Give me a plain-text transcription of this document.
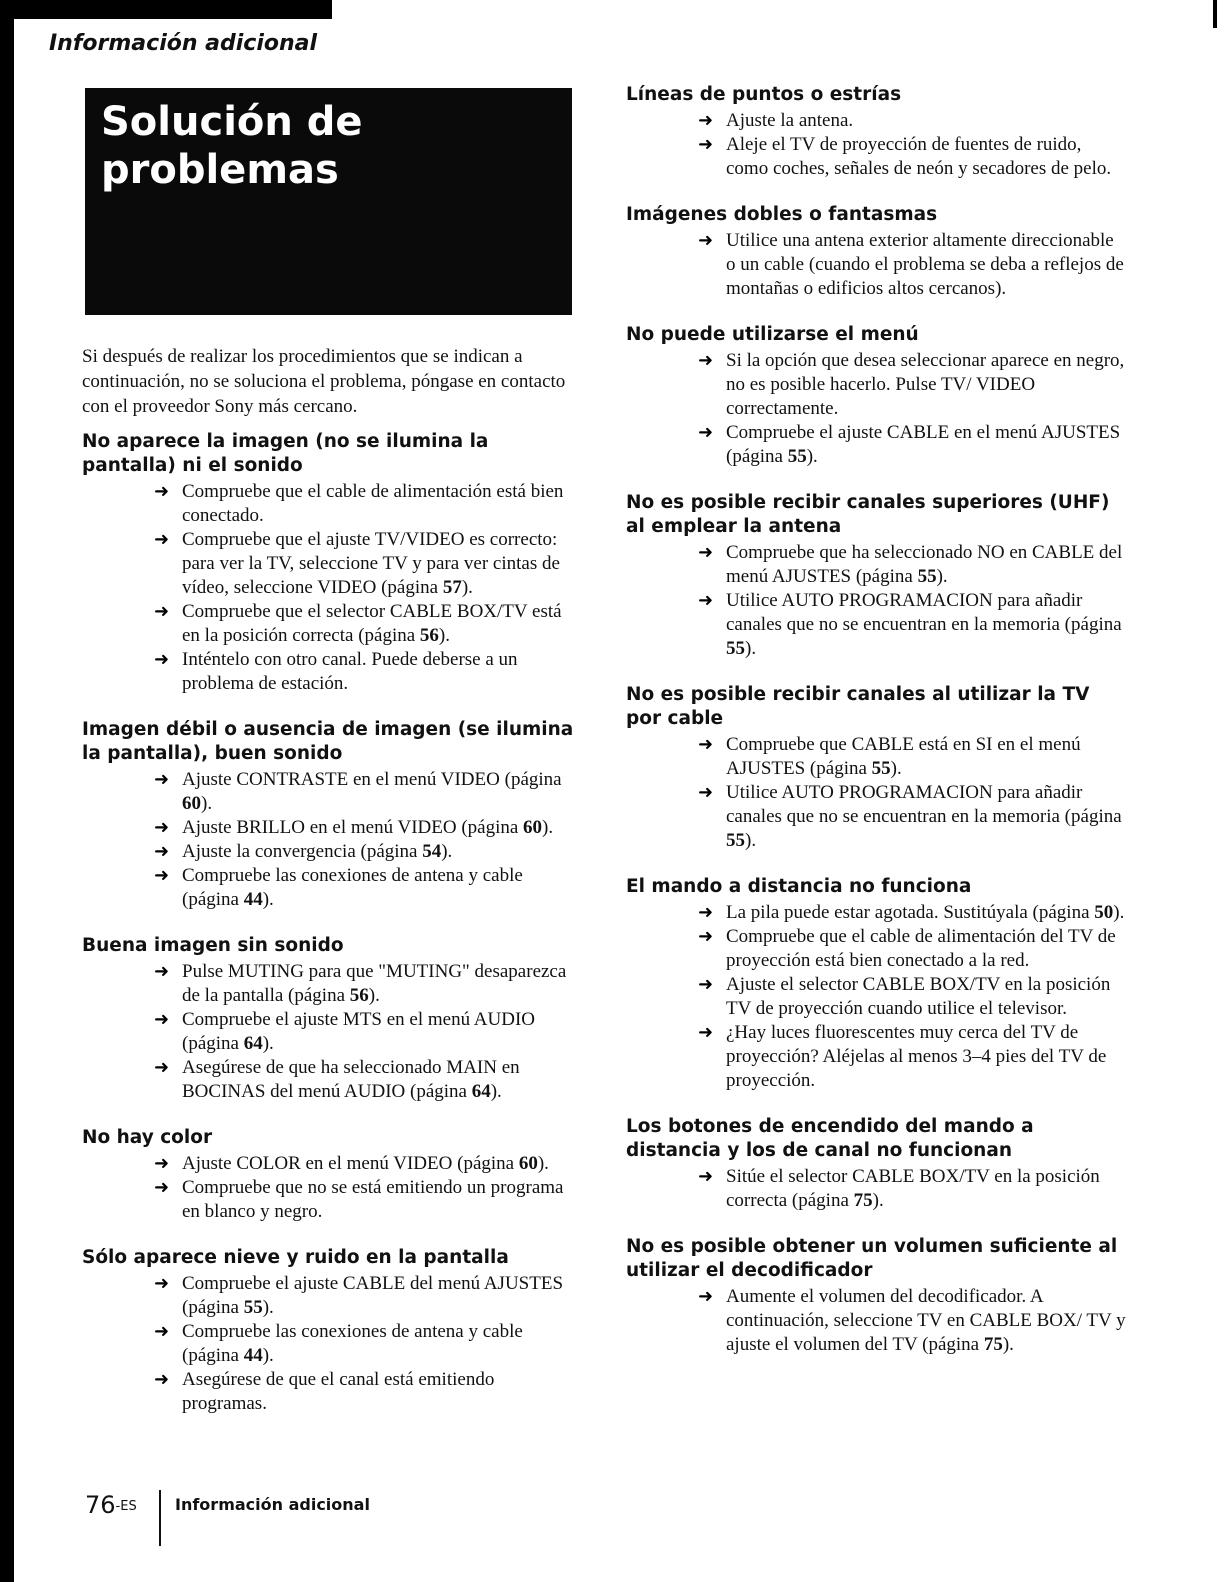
Información adicional
Solución de
problemas

Si después de realizar los procedimientos que se indican a continuación, no se soluciona el problema, póngase en contacto con el proveedor Sony más cercano.

No aparece la imagen (no se ilumina la pantalla) ni el sonido
➜ Compruebe que el cable de alimentación está bien conectado.
➜ Compruebe que el ajuste TV/VIDEO es correcto: para ver la TV, seleccione TV y para ver cintas de vídeo, seleccione VIDEO (página 57).
➜ Compruebe que el selector CABLE BOX/TV está en la posición correcta (página 56).
➜ Inténtelo con otro canal. Puede deberse a un problema de estación.
Imagen débil o ausencia de imagen (se ilumina la pantalla), buen sonido
➜ Ajuste CONTRASTE en el menú VIDEO (página 60).
➜ Ajuste BRILLO en el menú VIDEO (página 60).
➜ Ajuste la convergencia (página 54).
➜ Compruebe las conexiones de antena y cable (página 44).
Buena imagen sin sonido
➜ Pulse MUTING para que "MUTING" desaparezca de la pantalla (página 56).
➜ Compruebe el ajuste MTS en el menú AUDIO (página 64).
➜ Asegúrese de que ha seleccionado MAIN en BOCINAS del menú AUDIO (página 64).
No hay color
➜ Ajuste COLOR en el menú VIDEO (página 60).
➜ Compruebe que no se está emitiendo un programa en blanco y negro.
Sólo aparece nieve y ruido en la pantalla
➜ Compruebe el ajuste CABLE del menú AJUSTES (página 55).
➜ Compruebe las conexiones de antena y cable (página 44).
➜ Asegúrese de que el canal está emitiendo programas.
Líneas de puntos o estrías
➜ Ajuste la antena.
➜ Aleje el TV de proyección de fuentes de ruido, como coches, señales de neón y secadores de pelo.
Imágenes dobles o fantasmas
➜ Utilice una antena exterior altamente direccionable o un cable (cuando el problema se deba a reflejos de montañas o edificios altos cercanos).
No puede utilizarse el menú
➜ Si la opción que desea seleccionar aparece en negro, no es posible hacerlo. Pulse TV/ VIDEO correctamente.
➜ Compruebe el ajuste CABLE en el menú AJUSTES (página 55).
No es posible recibir canales superiores (UHF) al emplear la antena
➜ Compruebe que ha seleccionado NO en CABLE del menú AJUSTES (página 55).
➜ Utilice AUTO PROGRAMACION para añadir canales que no se encuentran en la memoria (página 55).
No es posible recibir canales al utilizar la TV por cable
➜ Compruebe que CABLE está en SI en el menú AJUSTES (página 55).
➜ Utilice AUTO PROGRAMACION para añadir canales que no se encuentran en la memoria (página 55).
El mando a distancia no funciona
➜ La pila puede estar agotada. Sustitúyala (página 50).
➜ Compruebe que el cable de alimentación del TV de proyección está bien conectado a la red.
➜ Ajuste el selector CABLE BOX/TV en la posición TV de proyección cuando utilice el televisor.
➜ ¿Hay luces fluorescentes muy cerca del TV de proyección? Aléjelas al menos 3–4 pies del TV de proyección.
Los botones de encendido del mando a distancia y los de canal no funcionan
➜ Sitúe el selector CABLE BOX/TV en la posición correcta (página 75).
No es posible obtener un volumen suficiente al utilizar el decodificador
➜ Aumente el volumen del decodificador. A continuación, seleccione TV en CABLE BOX/ TV y ajuste el volumen del TV (página 75).
$76^{-ES}$ Información adicional
